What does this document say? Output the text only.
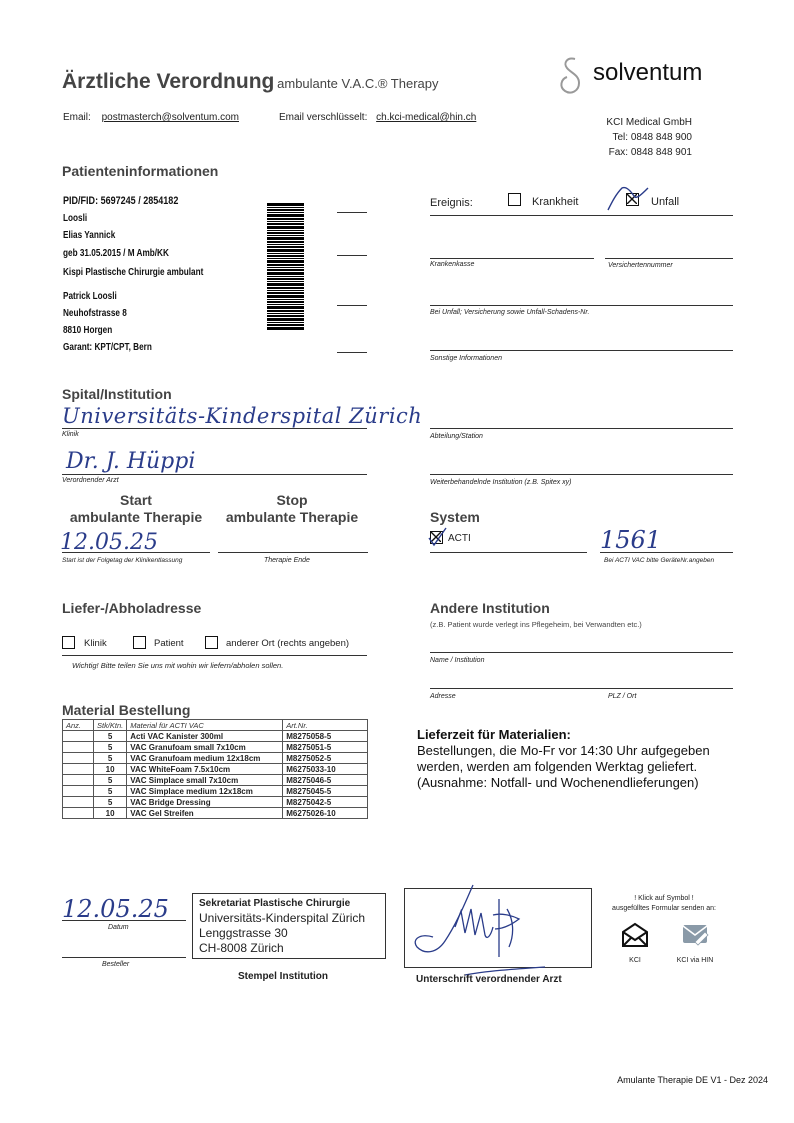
Ärztliche Verordnung ambulante V.A.C.® Therapy	solventum
Email: postmasterch@solventum.com	Email verschlüsselt: ch.kci-medical@hin.ch	KCI Medical GmbH
Tel: 0848 848 900
Fax: 0848 848 901
Patienteninformationen
PID/FID: 5697245 / 2854182
Loosli
Elias Yannick
geb 31.05.2015 / M Amb/KK
Kispi Plastische Chirurgie ambulant
Patrick Loosli
Neuhofstrasse 8
8810 Horgen
Garant: KPT/CPT, Bern
Ereignis:	Krankheit	Unfall
Krankenkasse	Versichertennummer
Bei Unfall; Versicherung sowie Unfall-Schadens-Nr.
Sonstige Informationen
Spital/Institution
Universitäts-Kinderspital Zürich
Klinik
Dr. J. Hüppi
Verordnender Arzt
Abteilung/Station
Weiterbehandelnde Institution (z.B. Spitex xy)
Start
ambulante Therapie
Stop
ambulante Therapie
12.05.25
Start ist der Folgetag der Klinikentlassung	Therapie Ende
System
ACTI	1561
Bei ACTI VAC bitte GeräteNr.angeben
Liefer-/Abholadresse
Klinik	Patient	anderer Ort (rechts angeben)
Wichtig! Bitte teilen Sie uns mit wohin wir liefern/abholen sollen.
Andere Institution
(z.B. Patient wurde verlegt ins Pflegeheim, bei Verwandten etc.)
Name / Institution
Adresse	PLZ / Ort
Material Bestellung
Anz.	Stk/Ktn.	Material für ACTI VAC	Art.Nr.
	5	Acti VAC Kanister 300ml	M8275058-5
	5	VAC Granufoam small 7x10cm	M8275051-5
	5	VAC Granufoam medium 12x18cm	M8275052-5
	10	VAC WhiteFoam 7.5x10cm	M6275033-10
	5	VAC Simplace small 7x10cm	M8275046-5
	5	VAC Simplace medium 12x18cm	M8275045-5
	5	VAC Bridge Dressing	M8275042-5
	10	VAC Gel Streifen	M6275026-10
Lieferzeit für Materialien:
Bestellungen, die Mo-Fr vor 14:30 Uhr aufgegeben
werden, werden am folgenden Werktag geliefert.
(Ausnahme: Notfall- und Wochenendlieferungen)
12.05.25
Datum
Besteller
Sekretariat Plastische Chirurgie
Universitäts-Kinderspital Zürich
Lenggstrasse 30
CH-8008 Zürich
Stempel Institution	Unterschrift verordnender Arzt
! Klick auf Symbol !
ausgefülltes Formular senden an:
KCI	KCI via HIN
Amulante Therapie DE V1 - Dez 2024
